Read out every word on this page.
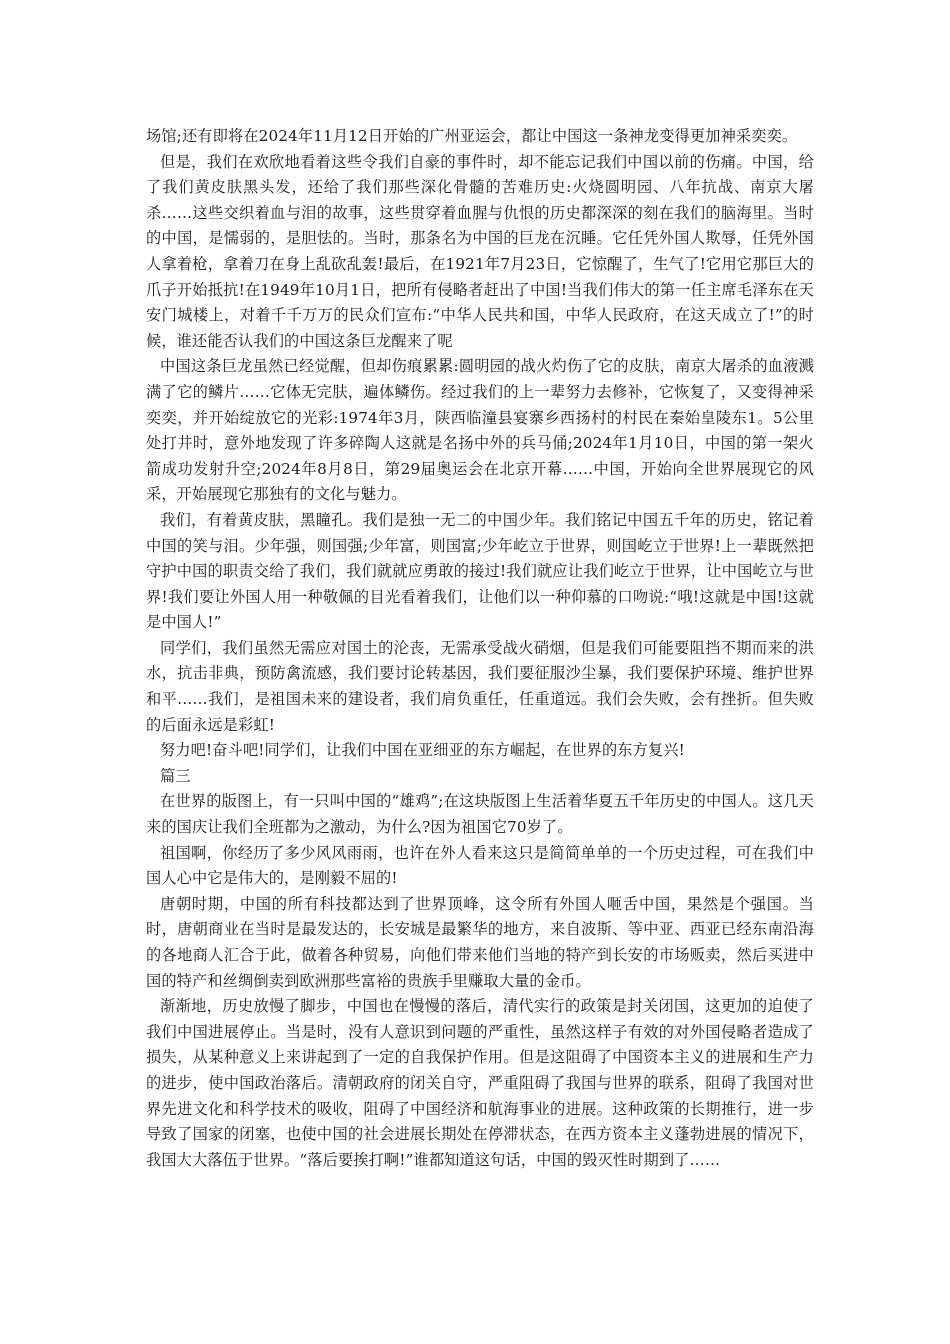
场馆;还有即将在2024年11月12日开始的广州亚运会，都让中国这一条神龙变得更加神采奕奕。

但是，我们在欢欣地看着这些令我们自豪的事件时，却不能忘记我们中国以前的伤痛。中国，给了我们黄皮肤黑头发，还给了我们那些深化骨髓的苦难历史:火烧圆明园、八年抗战、南京大屠杀……这些交织着血与泪的故事，这些贯穿着血腥与仇恨的历史都深深的刻在我们的脑海里。当时的中国，是懦弱的，是胆怯的。当时，那条名为中国的巨龙在沉睡。它任凭外国人欺辱，任凭外国人拿着枪，拿着刀在身上乱砍乱轰!最后，在1921年7月23日，它惊醒了，生气了!它用它那巨大的爪子开始抵抗!在1949年10月1日，把所有侵略者赶出了中国!当我们伟大的第一任主席毛泽东在天安门城楼上，对着千千万万的民众们宣布:“中华人民共和国，中华人民政府，在这天成立了!”的时候，谁还能否认我们的中国这条巨龙醒来了呢

中国这条巨龙虽然已经觉醒，但却伤痕累累:圆明园的战火灼伤了它的皮肤，南京大屠杀的血液溅满了它的鳞片……它体无完肤，遍体鳞伤。经过我们的上一辈努力去修补，它恢复了，又变得神采奕奕，并开始绽放它的光彩:1974年3月，陕西临潼县宴寨乡西扬村的村民在秦始皇陵东1。5公里处打井时，意外地发现了许多碎陶人这就是名扬中外的兵马俑;2024年1月10日，中国的第一架火箭成功发射升空;2024年8月8日，第29届奥运会在北京开幕……中国，开始向全世界展现它的风采，开始展现它那独有的文化与魅力。

我们，有着黄皮肤，黑瞳孔。我们是独一无二的中国少年。我们铭记中国五千年的历史，铭记着中国的笑与泪。少年强，则国强;少年富，则国富;少年屹立于世界，则国屹立于世界!上一辈既然把守护中国的职责交给了我们，我们就就应勇敢的接过!我们就应让我们屹立于世界，让中国屹立与世界!我们要让外国人用一种敬佩的目光看着我们，让他们以一种仰慕的口吻说:“哦!这就是中国!这就是中国人!”

同学们，我们虽然无需应对国土的沦丧，无需承受战火硝烟，但是我们可能要阻挡不期而来的洪水，抗击非典，预防禽流感，我们要讨论转基因，我们要征服沙尘暴，我们要保护环境、维护世界和平……我们，是祖国未来的建设者，我们肩负重任，任重道远。我们会失败，会有挫折。但失败的后面永远是彩虹!

努力吧!奋斗吧!同学们，让我们中国在亚细亚的东方崛起，在世界的东方复兴!

篇三

在世界的版图上，有一只叫中国的“雄鸡”;在这块版图上生活着华夏五千年历史的中国人。这几天来的国庆让我们全班都为之激动，为什么?因为祖国它70岁了。

祖国啊，你经历了多少风风雨雨，也许在外人看来这只是简简单单的一个历史过程，可在我们中国人心中它是伟大的，是刚毅不屈的!

唐朝时期，中国的所有科技都达到了世界顶峰，这令所有外国人咂舌中国，果然是个强国。当时，唐朝商业在当时是最发达的，长安城是最繁华的地方，来自波斯、等中亚、西亚已经东南沿海的各地商人汇合于此，做着各种贸易，向他们带来他们当地的特产到长安的市场贩卖，然后买进中国的特产和丝绸倒卖到欧洲那些富裕的贵族手里赚取大量的金币。

渐渐地，历史放慢了脚步，中国也在慢慢的落后，清代实行的政策是封关闭国，这更加的迫使了我们中国进展停止。当是时，没有人意识到问题的严重性，虽然这样子有效的对外国侵略者造成了损失，从某种意义上来讲起到了一定的自我保护作用。但是这阻碍了中国资本主义的进展和生产力的进步，使中国政治落后。清朝政府的闭关自守，严重阻碍了我国与世界的联系，阻碍了我国对世界先进文化和科学技术的吸收，阻碍了中国经济和航海事业的进展。这种政策的长期推行，进一步导致了国家的闭塞，也使中国的社会进展长期处在停滞状态，在西方资本主义蓬勃进展的情况下，我国大大落伍于世界。“落后要挨打啊!”谁都知道这句话，中国的毁灭性时期到了……
